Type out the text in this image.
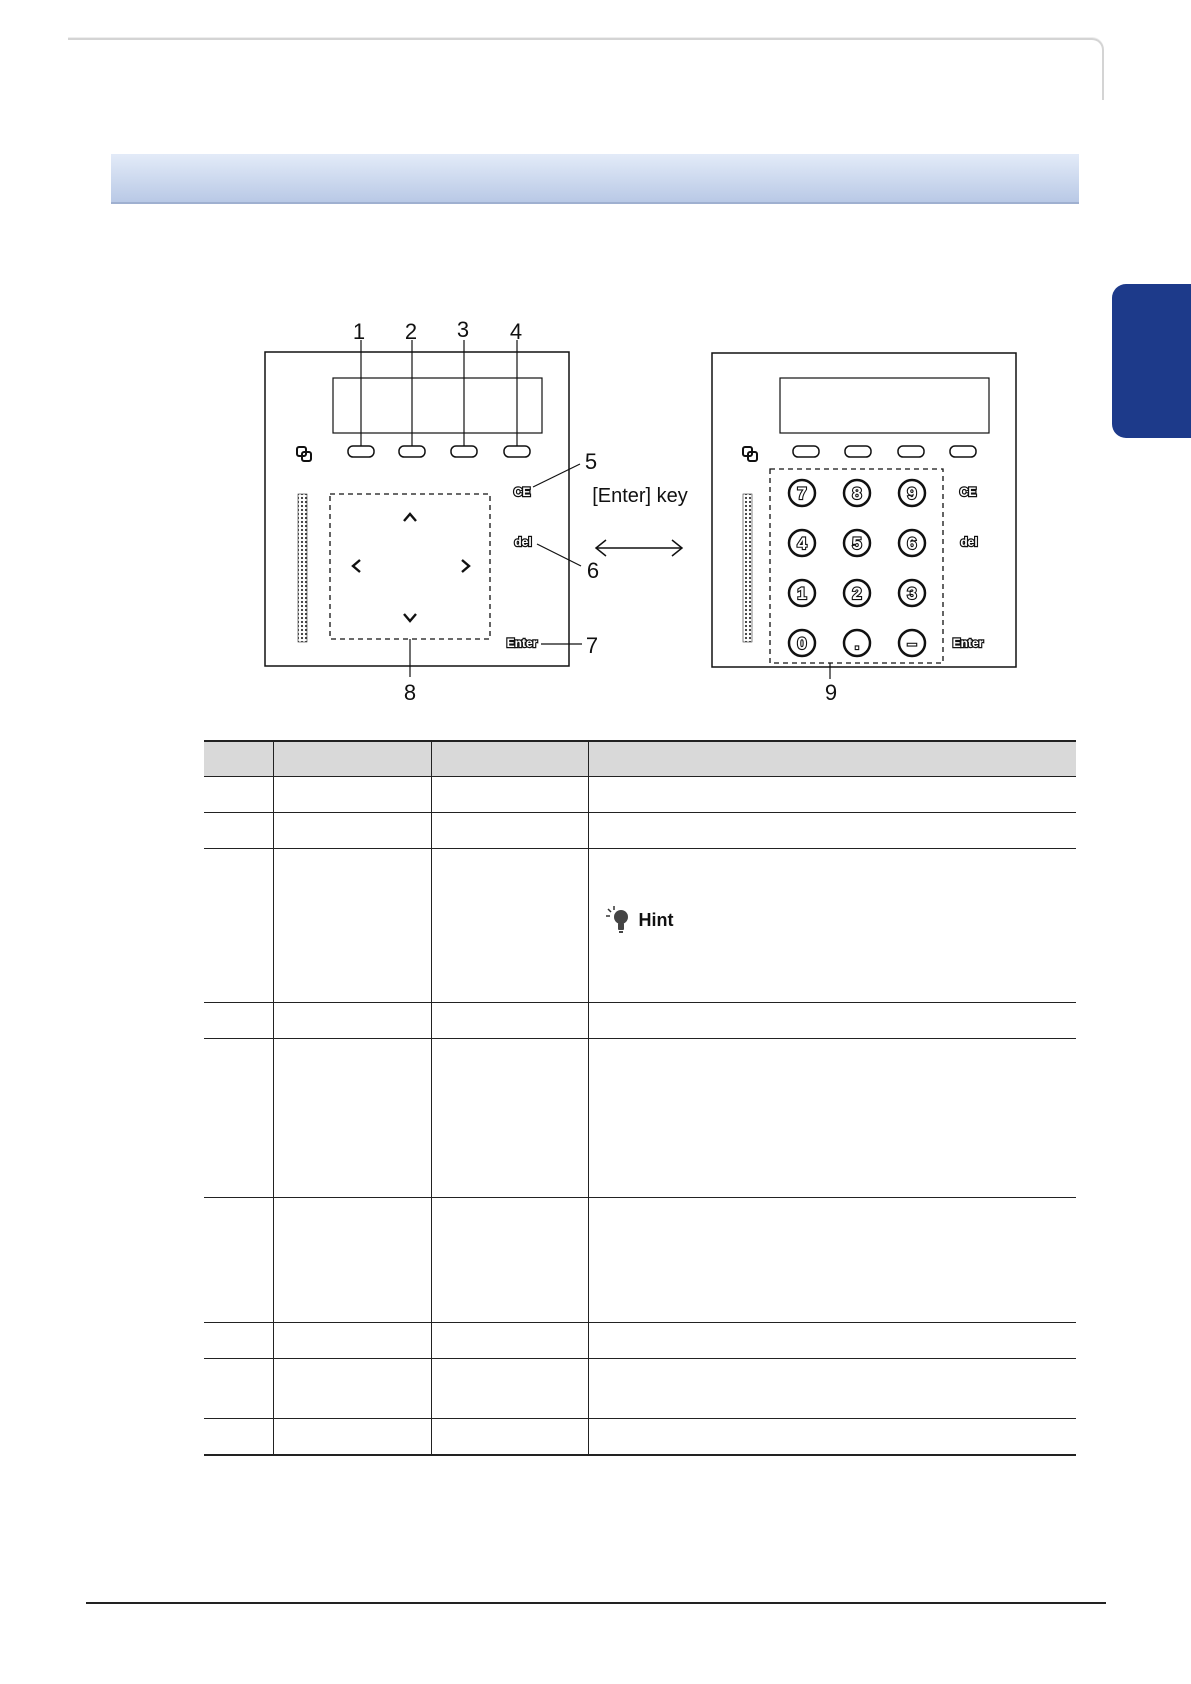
CE
del
Enter
1 2 3 4
5
6
7
8	9
[Enter] key	7	8	9
4	5	6
1	2	3
0	.	–
CE
del
Enter

			Hint
